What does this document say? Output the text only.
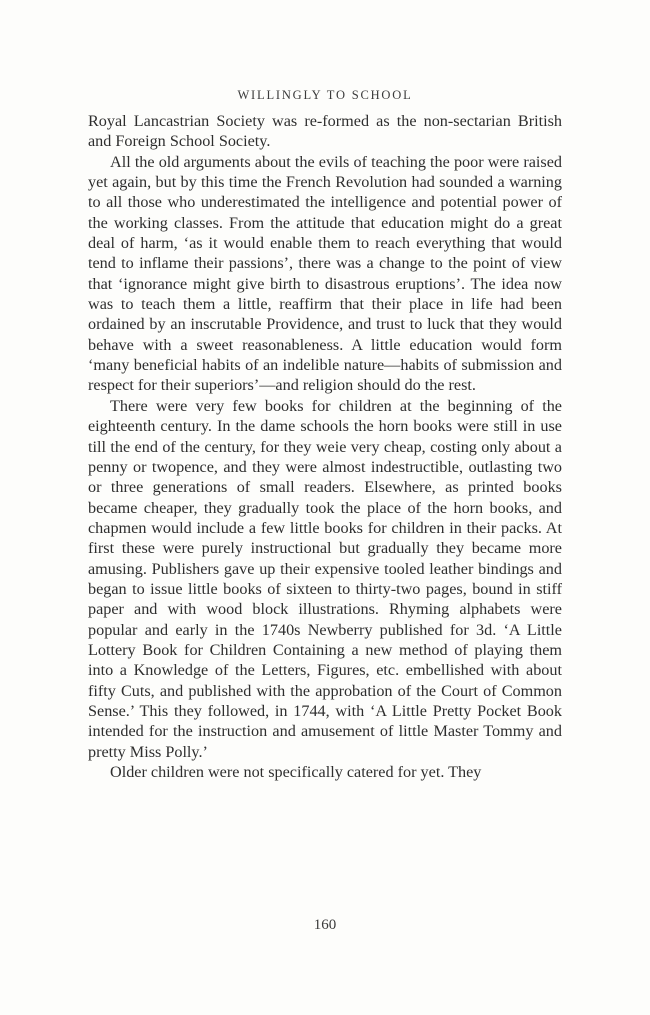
WILLINGLY TO SCHOOL

Royal Lancastrian Society was re-formed as the non-sectarian British and Foreign School Society.

All the old arguments about the evils of teaching the poor were raised yet again, but by this time the French Revolution had sounded a warning to all those who underestimated the intelligence and potential power of the working classes. From the attitude that education might do a great deal of harm, ‘as it would enable them to reach everything that would tend to inflame their passions’, there was a change to the point of view that ‘ignorance might give birth to disastrous eruptions’. The idea now was to teach them a little, reaffirm that their place in life had been ordained by an inscrutable Providence, and trust to luck that they would behave with a sweet reasonableness. A little education would form ‘many beneficial habits of an indelible nature—habits of submission and respect for their superiors’—and religion should do the rest.

There were very few books for children at the beginning of the eighteenth century. In the dame schools the horn books were still in use till the end of the century, for they weie very cheap, costing only about a penny or twopence, and they were almost indestructible, outlasting two or three generations of small readers. Elsewhere, as printed books became cheaper, they gradually took the place of the horn books, and chapmen would include a few little books for children in their packs. At first these were purely instructional but gradually they became more amusing. Publishers gave up their expensive tooled leather bindings and began to issue little books of sixteen to thirty-two pages, bound in stiff paper and with wood block illustrations. Rhyming alphabets were popular and early in the 1740s Newberry published for 3d. ‘A Little Lottery Book for Children Containing a new method of playing them into a Knowledge of the Letters, Figures, etc. embellished with about fifty Cuts, and published with the approbation of the Court of Common Sense.’ This they followed, in 1744, with ‘A Little Pretty Pocket Book intended for the instruction and amusement of little Master Tommy and pretty Miss Polly.’

Older children were not specifically catered for yet. They

160
